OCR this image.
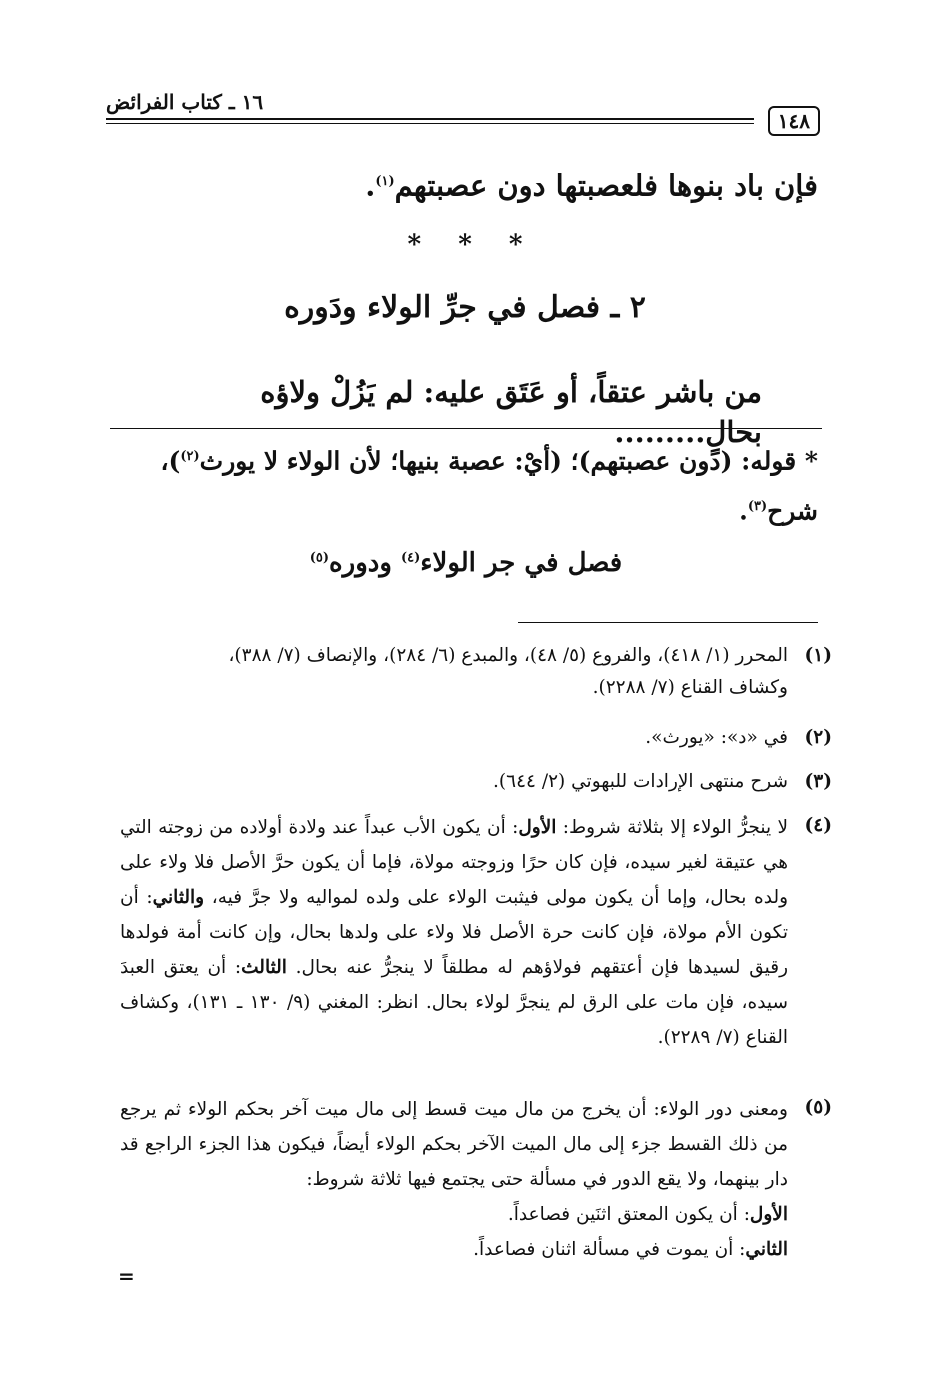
١٤٨
١٦ ـ كتاب الفرائض
فإن باد بنوها فلعصبتها دون عصبتهم$^{(١)}$.
* * *
٢ ـ فصل في جرِّ الولاء ودَوره
من باشر عتقاً، أو عَتَق عليه: لم يَزُلْ ولاؤه بحالٍ.........
* قوله: (دون عصبتهم)؛ (أيْ: عصبة بنيها؛ لأن الولاء لا يورث$^{(٢)}$)،
شرح$^{(٣)}$.
فصل في جر الولاء$^{(٤)}$ ودوره$^{(٥)}$
(١)المحرر (١/ ٤١٨)، والفروع (٥/ ٤٨)، والمبدع (٦/ ٢٨٤)، والإنصاف (٧/ ٣٨٨)،
وكشاف القناع (٧/ ٢٢٨٨).
(٢)في «د»: «يورث».
(٣)شرح منتهى الإرادات للبهوتي (٢/ ٦٤٤).
(٤)
لا ينجرُّ الولاء إلا بثلاثة شروط: الأول: أن يكون الأب عبداً عند ولادة أولاده من زوجته التي هي عتيقة لغير سيده، فإن كان حرًا وزوجته مولاة، فإما أن يكون حرَّ الأصل فلا ولاء على ولده بحال، وإما أن يكون مولى فيثبت الولاء على ولده لمواليه ولا جرَّ فيه، والثاني: أن تكون الأم مولاة، فإن كانت حرة الأصل فلا ولاء على ولدها بحال، وإن كانت أمة فولدها رقيق لسيدها فإن أعتقهم فولاؤهم له مطلقاً لا ينجرُّ عنه بحال. الثالث: أن يعتق العبدَ سيده، فإن مات على الرق لم ينجرَّ لولاء بحال. انظر: المغني (٩/ ١٣٠ ـ ١٣١)، وكشاف القناع (٧/ ٢٢٨٩).
(٥)
ومعنى دور الولاء: أن يخرج من مال ميت قسط إلى مال ميت آخر بحكم الولاء ثم يرجع من ذلك القسط جزء إلى مال الميت الآخر بحكم الولاء أيضاً، فيكون هذا الجزء الراجع قد دار بينهما، ولا يقع الدور في مسألة حتى يجتمع فيها ثلاثة شروط:
الأول: أن يكون المعتق اثنَين فصاعداً.
الثاني: أن يموت في مسألة اثنان فصاعداً.
=
